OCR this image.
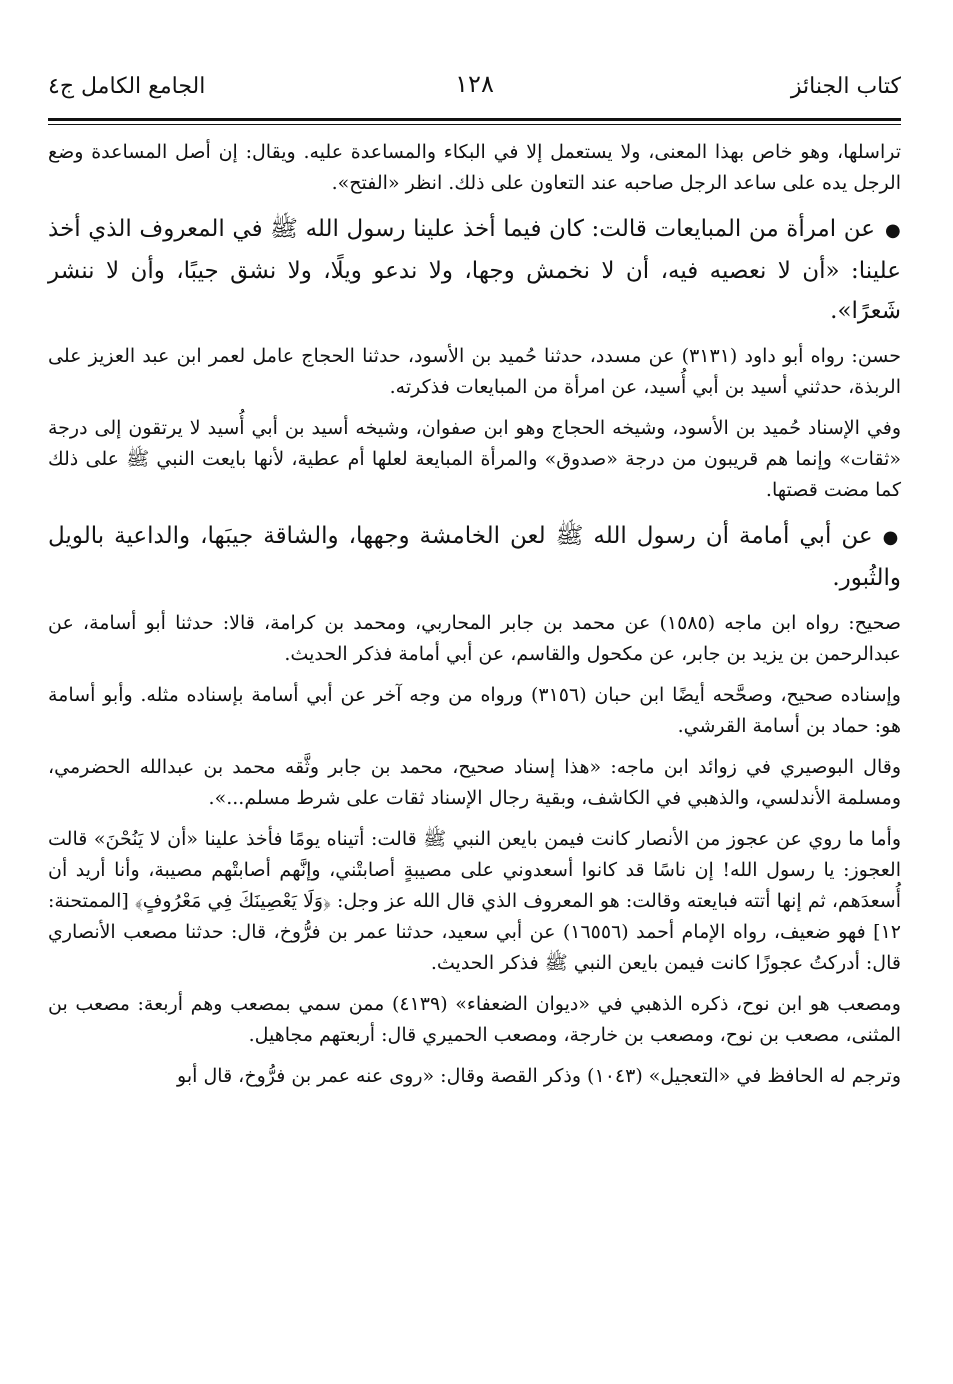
كتاب الجنائز
١٢٨
الجامع الكامل ج٤

تراسلها، وهو خاص بهذا المعنى، ولا يستعمل إلا في البكاء والمساعدة عليه. ويقال: إن أصل المساعدة وضع الرجل يده على ساعد الرجل صاحبه عند التعاون على ذلك. انظر «الفتح».

●عن امرأة من المبايعات قالت: كان فيما أخذ علينا رسول الله ﷺ في المعروف الذي أخذ علينا: «أن لا نعصيه فيه، أن لا نخمش وجها، ولا ندعو ويلًا، ولا نشق جيبًا، وأن لا ننشر شَعرًا».

حسن: رواه أبو داود (٣١٣١) عن مسدد، حدثنا حُميد بن الأسود، حدثنا الحجاج عامل لعمر ابن عبد العزيز على الربذة، حدثني أسيد بن أبي أُسيد، عن امرأة من المبايعات فذكرته.

وفي الإسناد حُميد بن الأسود، وشيخه الحجاج وهو ابن صفوان، وشيخه أسيد بن أبي أُسيد لا يرتقون إلى درجة «ثقات» وإنما هم قريبون من درجة «صدوق» والمرأة المبايعة لعلها أم عطية، لأنها بايعت النبي ﷺ على ذلك كما مضت قصتها.

●عن أبي أمامة أن رسول الله ﷺ لعن الخامشة وجهها، والشاقة جيبَها، والداعية بالويل والثُبور.

صحيح: رواه ابن ماجه (١٥٨٥) عن محمد بن جابر المحاربي، ومحمد بن كرامة، قالا: حدثنا أبو أسامة، عن عبدالرحمن بن يزيد بن جابر، عن مكحول والقاسم، عن أبي أمامة فذكر الحديث.

وإسناده صحيح، وصحَّحه أيضًا ابن حبان (٣١٥٦) ورواه من وجه آخر عن أبي أسامة بإسناده مثله. وأبو أسامة هو: حماد بن أسامة القرشي.

وقال البوصيري في زوائد ابن ماجه: «هذا إسناد صحيح، محمد بن جابر وثَّقه محمد بن عبدالله الحضرمي، ومسلمة الأندلسي، والذهبي في الكاشف، وبقية رجال الإسناد ثقات على شرط مسلم...».

وأما ما روي عن عجوز من الأنصار كانت فيمن بايعن النبي ﷺ قالت: أتيناه يومًا فأخذ علينا «أن لا يَنُحْنَ» قالت العجوز: يا رسول الله! إن ناسًا قد كانوا أسعدوني على مصيبةٍ أصابتْني، وإنَّهم أصابتْهم مصيبة، وأنا أريد أن أُسعدَهم، ثم إنها أتته فبايعته وقالت: هو المعروف الذي قال الله عز وجل: ﴿وَلَا يَعْصِينَكَ فِي مَعْرُوفٍ﴾ [الممتحنة: ١٢] فهو ضعيف، رواه الإمام أحمد (١٦٥٥٦) عن أبي سعيد، حدثنا عمر بن فرُّوخ، قال: حدثنا مصعب الأنصاري قال: أدركتُ عجوزًا كانت فيمن بايعن النبي ﷺ فذكر الحديث.

ومصعب هو ابن نوح، ذكره الذهبي في «ديوان الضعفاء» (٤١٣٩) ممن سمي بمصعب وهم أربعة: مصعب بن المثنى، مصعب بن نوح، ومصعب بن خارجة، ومصعب الحميري قال: أربعتهم مجاهيل.

وترجم له الحافظ في «التعجيل» (١٠٤٣) وذكر القصة وقال: «روى عنه عمر بن فرُّوخ، قال أبو
